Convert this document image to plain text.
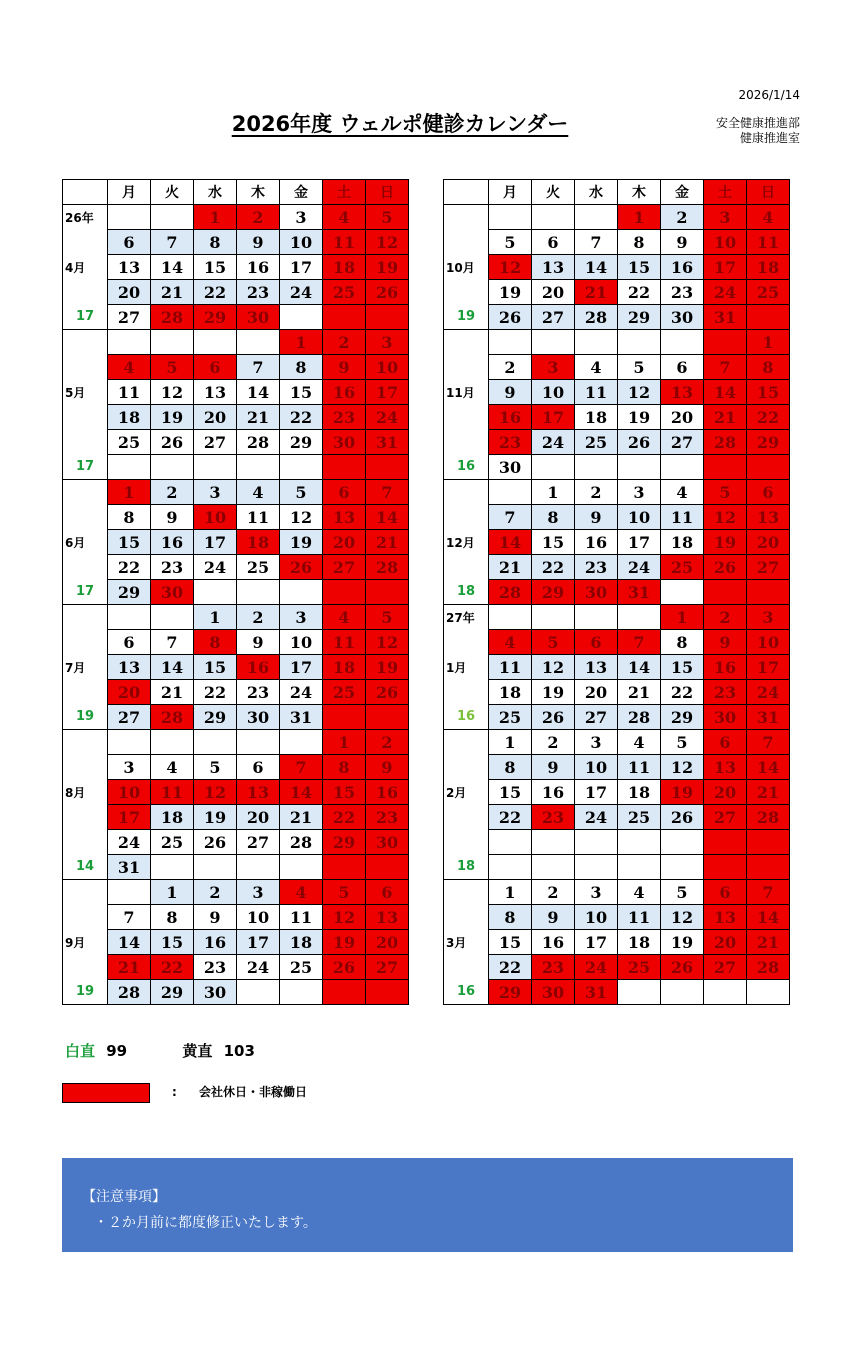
2026/1/14
2026年度 ウェルポ健診カレンダー	安全健康推進部
健康推進室
	月	火	水	木	金	土	日
26年			1	2	3	4	5
	6	7	8	9	10	11	12
4月	13	14	15	16	17	18	19
	20	21	22	23	24	25	26
17	27	28	29	30			
					1	2	3
	4	5	6	7	8	9	10
5月	11	12	13	14	15	16	17
	18	19	20	21	22	23	24
	25	26	27	28	29	30	31
17							
	1	2	3	4	5	6	7
	8	9	10	11	12	13	14
6月	15	16	17	18	19	20	21
	22	23	24	25	26	27	28
17	29	30					
			1	2	3	4	5
	6	7	8	9	10	11	12
7月	13	14	15	16	17	18	19
	20	21	22	23	24	25	26
19	27	28	29	30	31		
						1	2
	3	4	5	6	7	8	9
8月	10	11	12	13	14	15	16
	17	18	19	20	21	22	23
	24	25	26	27	28	29	30
14	31						
		1	2	3	4	5	6
	7	8	9	10	11	12	13
9月	14	15	16	17	18	19	20
	21	22	23	24	25	26	27
19	28	29	30				
	月	火	水	木	金	土	日
				1	2	3	4
	5	6	7	8	9	10	11
10月	12	13	14	15	16	17	18
	19	20	21	22	23	24	25
19	26	27	28	29	30	31	
							1
	2	3	4	5	6	7	8
11月	9	10	11	12	13	14	15
	16	17	18	19	20	21	22
	23	24	25	26	27	28	29
16	30						
		1	2	3	4	5	6
	7	8	9	10	11	12	13
12月	14	15	16	17	18	19	20
	21	22	23	24	25	26	27
18	28	29	30	31			
27年					1	2	3
	4	5	6	7	8	9	10
1月	11	12	13	14	15	16	17
	18	19	20	21	22	23	24
16	25	26	27	28	29	30	31
	1	2	3	4	5	6	7
	8	9	10	11	12	13	14
2月	15	16	17	18	19	20	21
	22	23	24	25	26	27	28

18							
	1	2	3	4	5	6	7
	8	9	10	11	12	13	14
3月	15	16	17	18	19	20	21
	22	23	24	25	26	27	28
16	29	30	31				
白直 99	黄直 103
: 会社休日・非稼働日
【注意事項】
・２か月前に都度修正いたします。
